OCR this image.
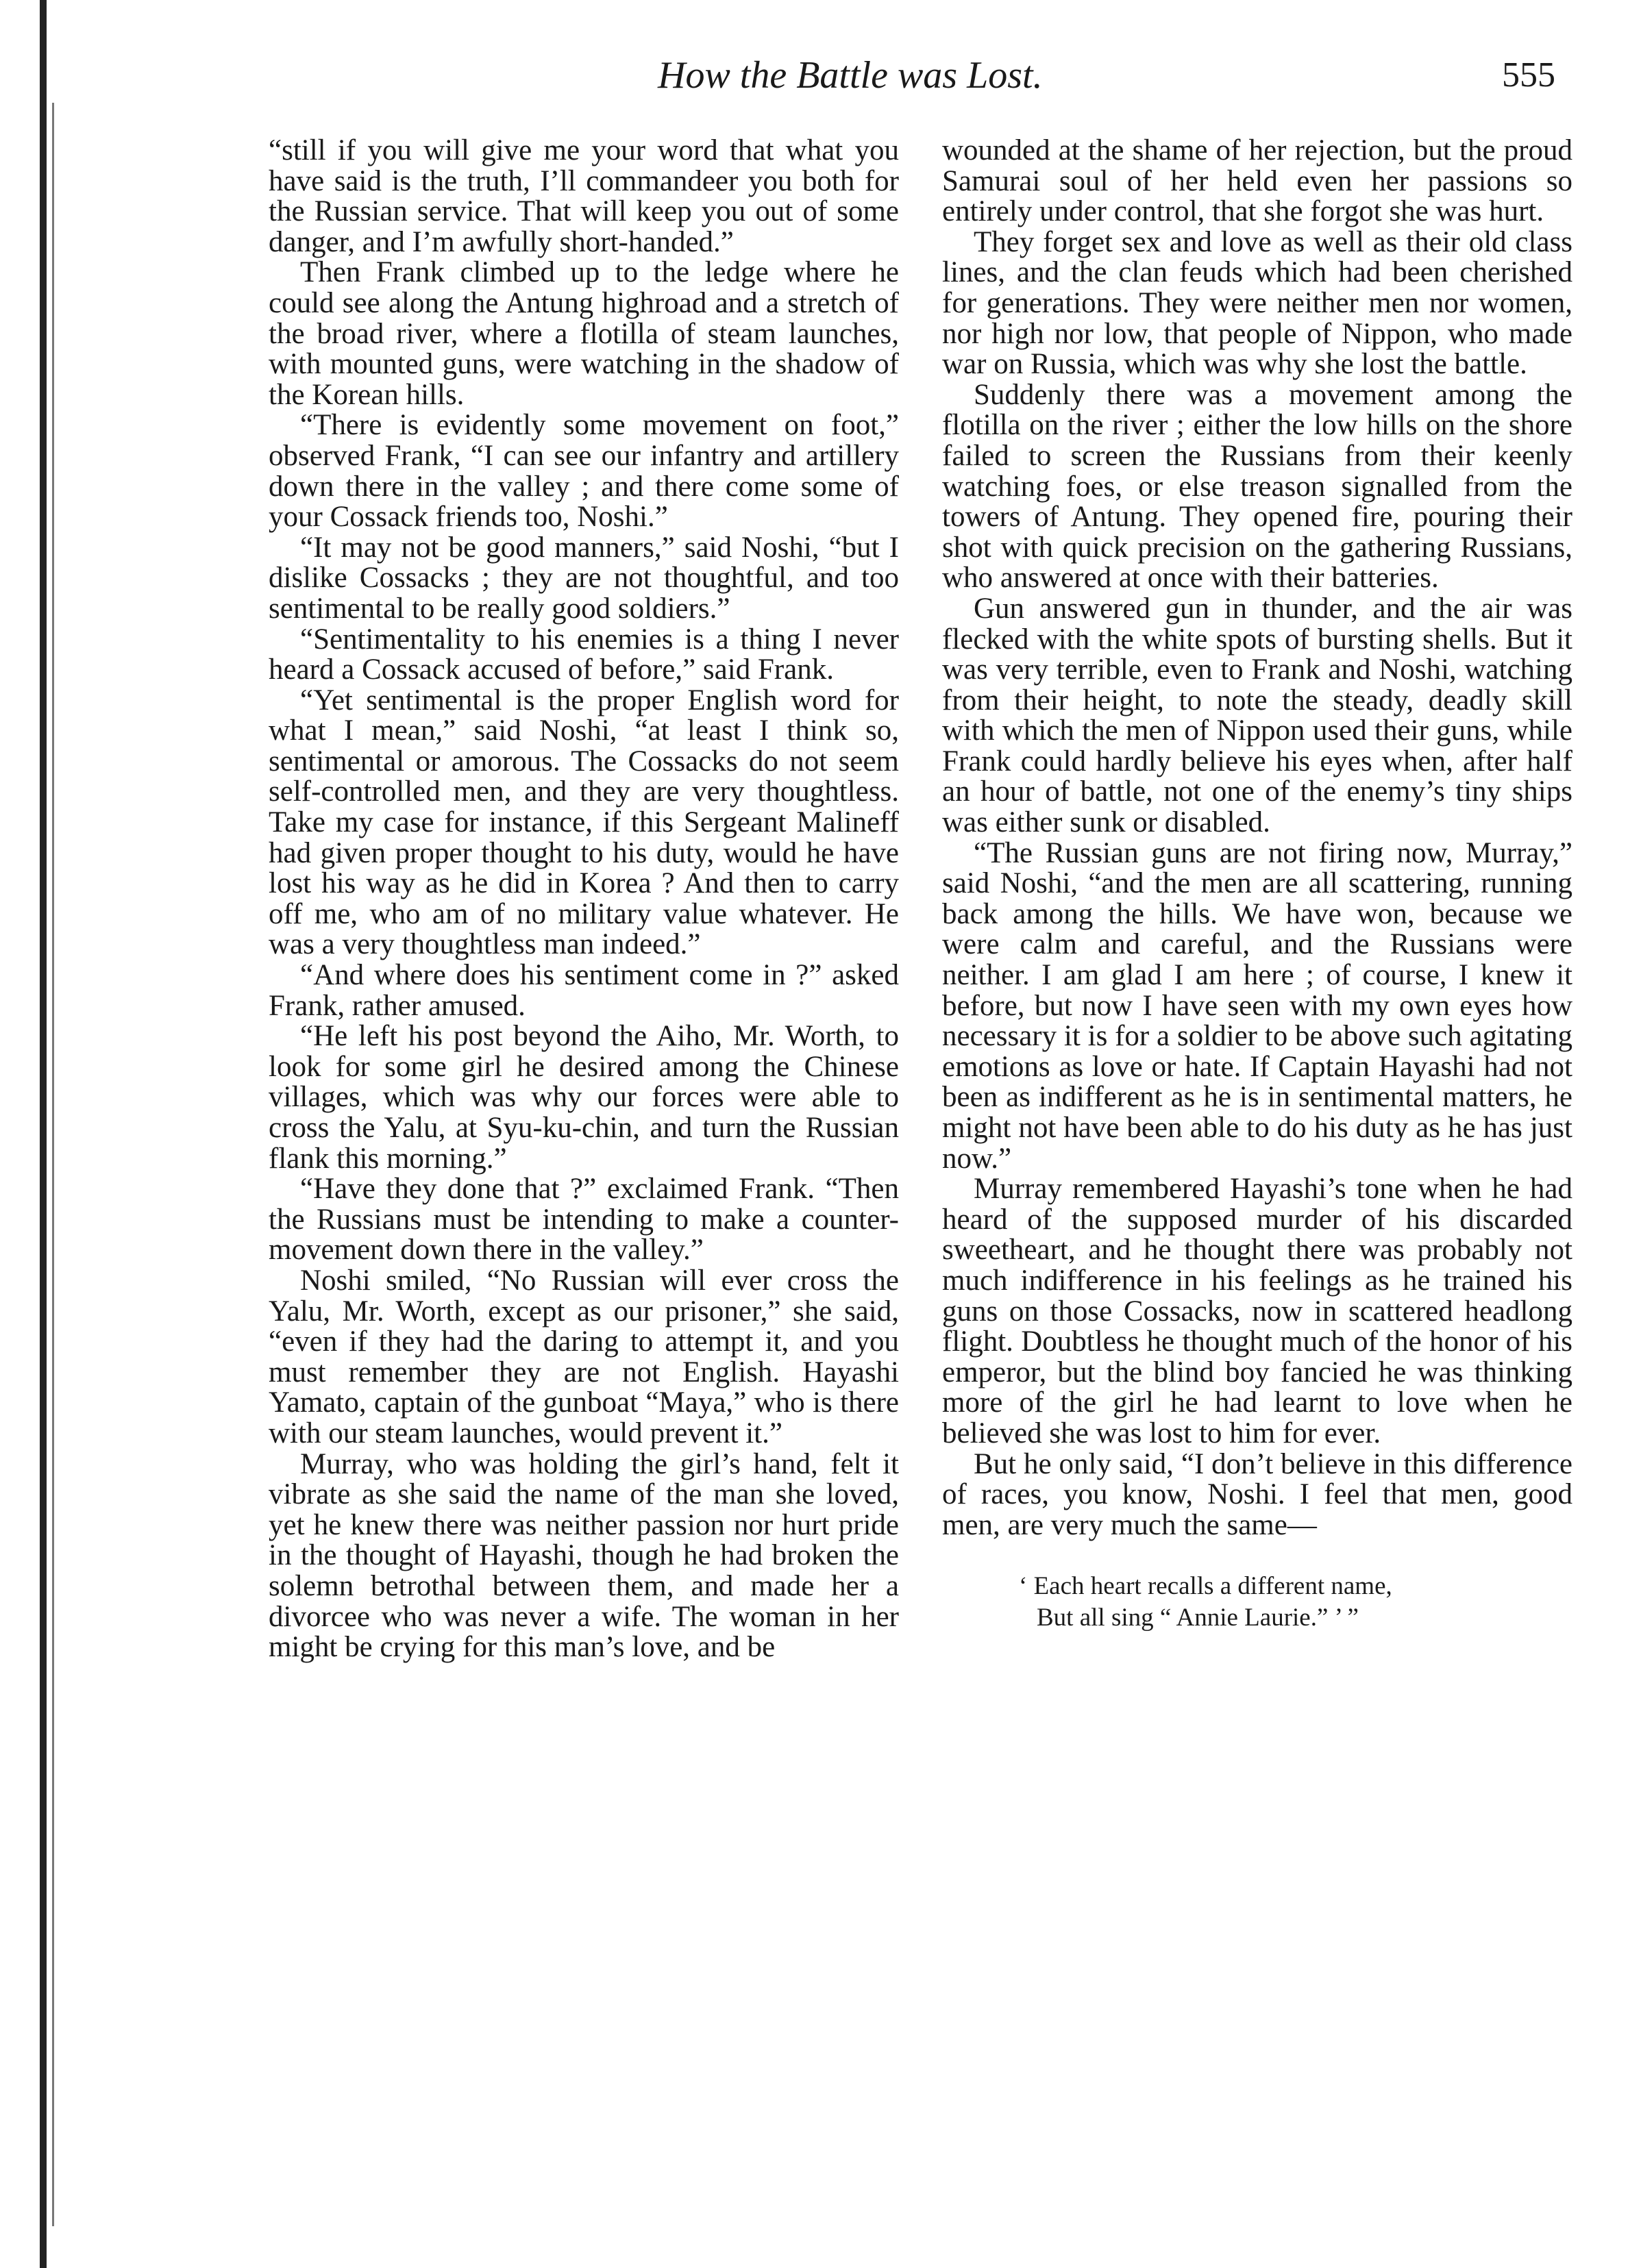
How the Battle was Lost.	555

“still if you will give me your word that what you have said is the truth, I’ll commandeer you both for the Russian service. That will keep you out of some danger, and I’m awfully short-handed.”

Then Frank climbed up to the ledge where he could see along the Antung highroad and a stretch of the broad river, where a flotilla of steam launches, with mounted guns, were watching in the shadow of the Korean hills.

“There is evidently some movement on foot,” observed Frank, “I can see our infantry and artillery down there in the valley ; and there come some of your Cossack friends too, Noshi.”

“It may not be good manners,” said Noshi, “but I dislike Cossacks ; they are not thoughtful, and too sentimental to be really good soldiers.”

“Sentimentality to his enemies is a thing I never heard a Cossack accused of before,” said Frank.

“Yet sentimental is the proper English word for what I mean,” said Noshi, “at least I think so, sentimental or amorous. The Cossacks do not seem self-controlled men, and they are very thoughtless. Take my case for instance, if this Sergeant Malineff had given proper thought to his duty, would he have lost his way as he did in Korea ? And then to carry off me, who am of no military value whatever. He was a very thoughtless man indeed.”

“And where does his sentiment come in ?” asked Frank, rather amused.

“He left his post beyond the Aiho, Mr. Worth, to look for some girl he desired among the Chinese villages, which was why our forces were able to cross the Yalu, at Syu-ku-chin, and turn the Russian flank this morning.”

“Have they done that ?” exclaimed Frank. “Then the Russians must be intending to make a counter-movement down there in the valley.”

Noshi smiled, “No Russian will ever cross the Yalu, Mr. Worth, except as our prisoner,” she said, “even if they had the daring to attempt it, and you must remember they are not English. Hayashi Yamato, captain of the gunboat “Maya,” who is there with our steam launches, would prevent it.”

Murray, who was holding the girl’s hand, felt it vibrate as she said the name of the man she loved, yet he knew there was neither passion nor hurt pride in the thought of Hayashi, though he had broken the solemn betrothal between them, and made her a divorcee who was never a wife. The woman in her might be crying for this man’s love, and be

wounded at the shame of her rejection, but the proud Samurai soul of her held even her passions so entirely under control, that she forgot she was hurt.

They forget sex and love as well as their old class lines, and the clan feuds which had been cherished for generations. They were neither men nor women, nor high nor low, that people of Nippon, who made war on Russia, which was why she lost the battle.

Suddenly there was a movement among the flotilla on the river ; either the low hills on the shore failed to screen the Russians from their keenly watching foes, or else treason signalled from the towers of Antung. They opened fire, pouring their shot with quick precision on the gathering Russians, who answered at once with their batteries.

Gun answered gun in thunder, and the air was flecked with the white spots of bursting shells. But it was very terrible, even to Frank and Noshi, watching from their height, to note the steady, deadly skill with which the men of Nippon used their guns, while Frank could hardly believe his eyes when, after half an hour of battle, not one of the enemy’s tiny ships was either sunk or disabled.

“The Russian guns are not firing now, Murray,” said Noshi, “and the men are all scattering, running back among the hills. We have won, because we were calm and careful, and the Russians were neither. I am glad I am here ; of course, I knew it before, but now I have seen with my own eyes how necessary it is for a soldier to be above such agitating emotions as love or hate. If Captain Hayashi had not been as indifferent as he is in sentimental matters, he might not have been able to do his duty as he has just now.”

Murray remembered Hayashi’s tone when he had heard of the supposed murder of his discarded sweetheart, and he thought there was probably not much indifference in his feelings as he trained his guns on those Cossacks, now in scattered headlong flight. Doubtless he thought much of the honor of his emperor, but the blind boy fancied he was thinking more of the girl he had learnt to love when he believed she was lost to him for ever.

But he only said, “I don’t believe in this difference of races, you know, Noshi. I feel that men, good men, are very much the same—

‘ Each heart recalls a different name,
But all sing “ Annie Laurie.” ’ ”
